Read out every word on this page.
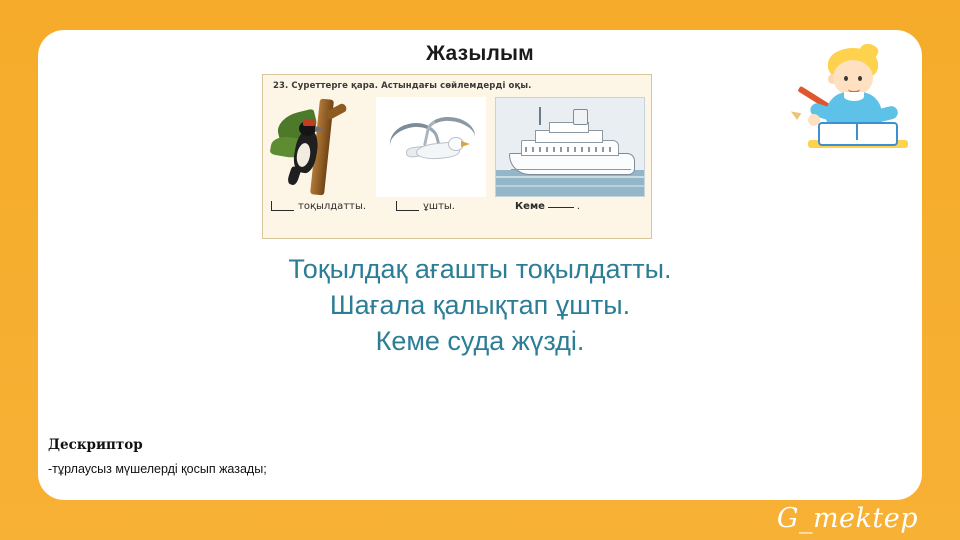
Жазылым
23. Суреттерге қара. Астындағы сөйлемдерді оқы.
тоқылдатты.	ұшты.	Кеме	.
Тоқылдақ ағашты тоқылдатты.
Шағала қалықтап ұшты.
Кеме суда жүзді.
Дескриптор
-тұрлаусыз мүшелерді қосып жазады;
G_mektep
